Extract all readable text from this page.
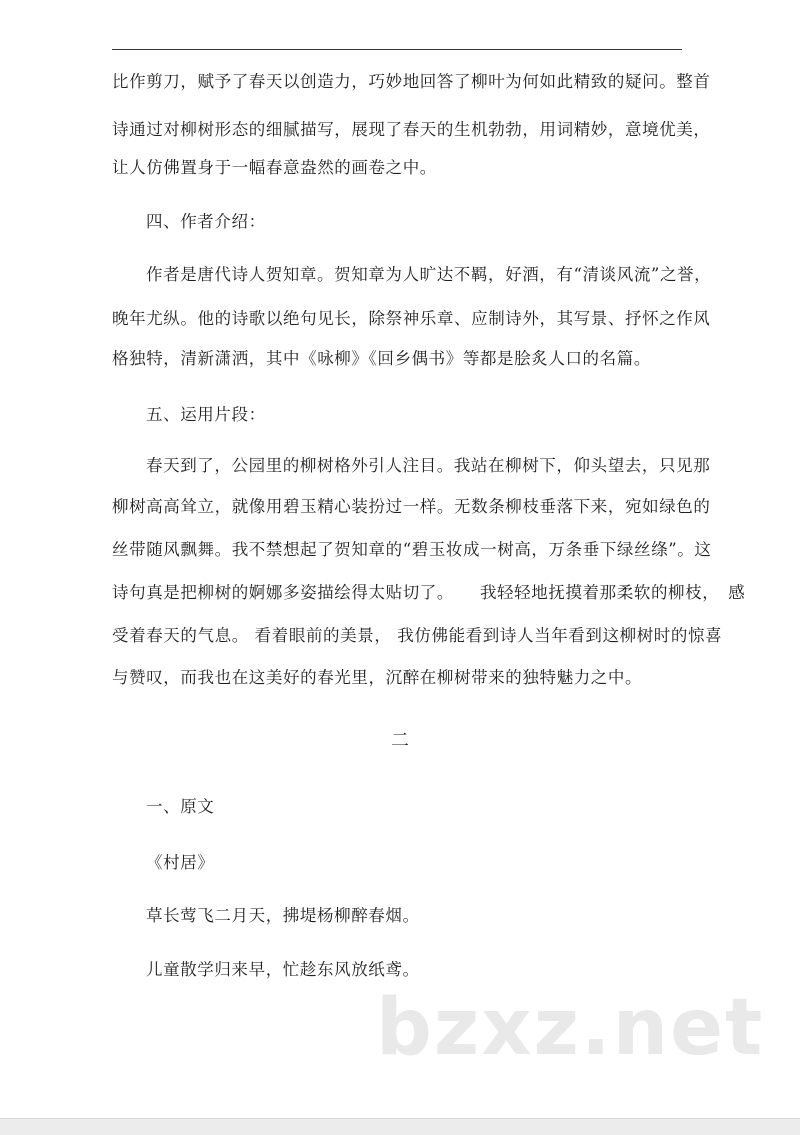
比作剪刀，赋予了春天以创造力，巧妙地回答了柳叶为何如此精致的疑问。整首
诗通过对柳树形态的细腻描写，展现了春天的生机勃勃，用词精妙，意境优美，
让人仿佛置身于一幅春意盎然的画卷之中。
四、作者介绍：
作者是唐代诗人贺知章。贺知章为人旷达不羁，好酒，有“清谈风流”之誉，
晚年尤纵。他的诗歌以绝句见长，除祭神乐章、应制诗外，其写景、抒怀之作风
格独特，清新潇洒，其中《咏柳》《回乡偶书》等都是脍炙人口的名篇。
五、运用片段：
春天到了，公园里的柳树格外引人注目。我站在柳树下，仰头望去，只见那
柳树高高耸立，就像用碧玉精心装扮过一样。无数条柳枝垂落下来，宛如绿色的
丝带随风飘舞。我不禁想起了贺知章的“碧玉妆成一树高，万条垂下绿丝绦”。这
诗句真是把柳树的婀娜多姿描绘得太贴切了。　　我轻轻地抚摸着那柔软的柳枝，　感
受着春天的气息。 看着眼前的美景， 我仿佛能看到诗人当年看到这柳树时的惊喜
与赞叹，而我也在这美好的春光里，沉醉在柳树带来的独特魅力之中。
二
一、原文
《村居》
草长莺飞二月天，拂堤杨柳醉春烟。
儿童散学归来早，忙趁东风放纸鸢。
bzxz.net
